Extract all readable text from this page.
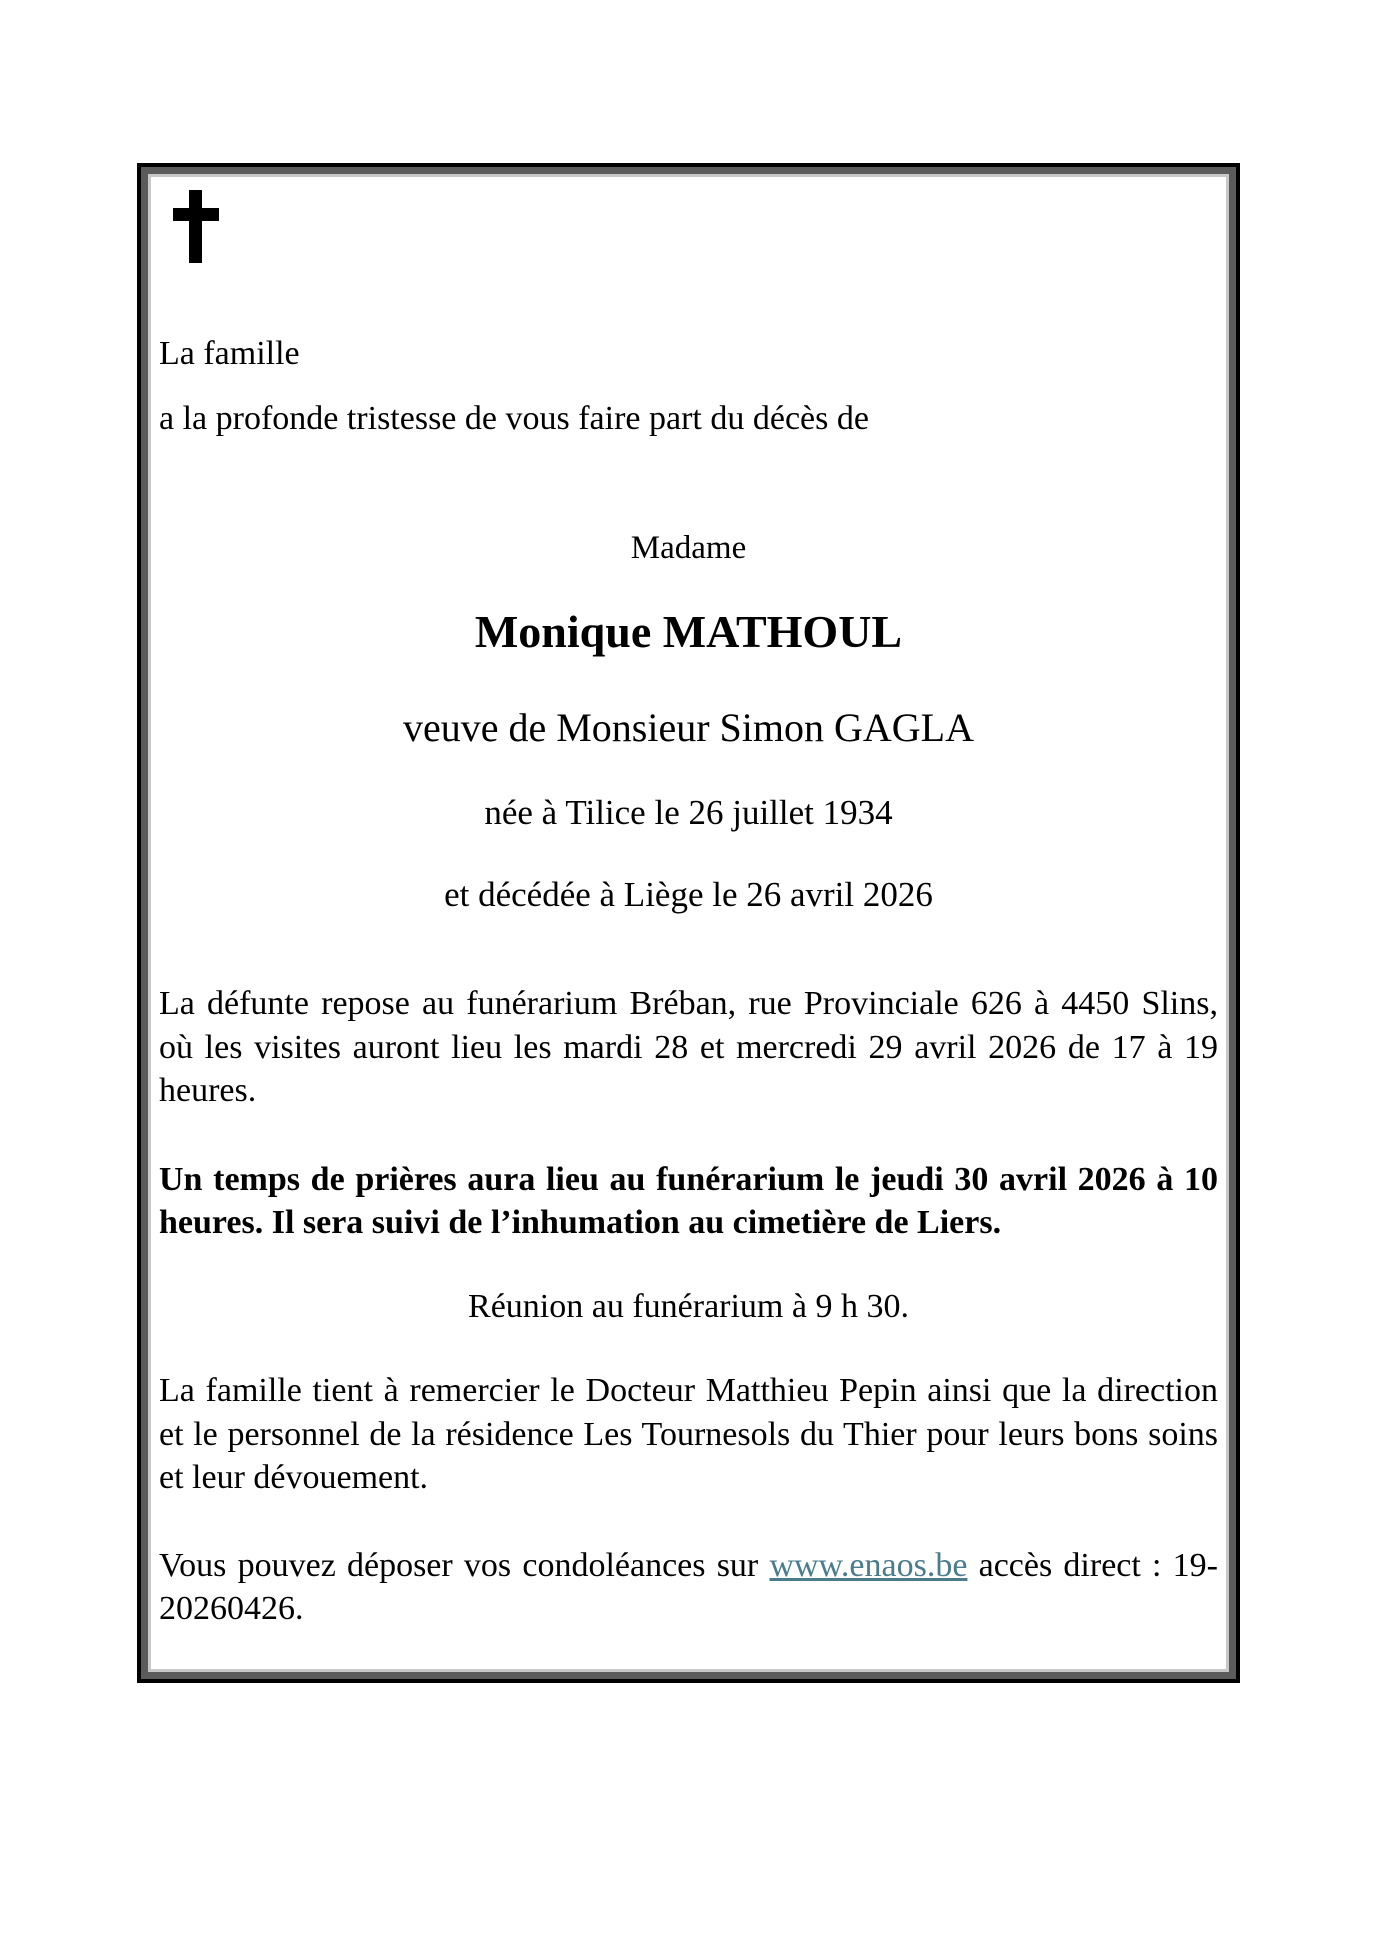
La famille

a la profonde tristesse de vous faire part du décès de

Madame

Monique MATHOUL

veuve de Monsieur Simon GAGLA

née à Tilice le 26 juillet 1934

et décédée à Liège le 26 avril 2026

La défunte repose au funérarium Bréban, rue Provinciale 626 à 4450 Slins, où les visites auront lieu les mardi 28 et mercredi 29 avril 2026 de 17 à 19 heures.

Un temps de prières aura lieu au funérarium le jeudi 30 avril 2026 à 10 heures. Il sera suivi de l’inhumation au cimetière de Liers.

Réunion au funérarium à 9 h 30.

La famille tient à remercier le Docteur Matthieu Pepin ainsi que la direction et le personnel de la résidence Les Tournesols du Thier pour leurs bons soins et leur dévouement.

Vous pouvez déposer vos condoléances sur www.enaos.be accès direct : 19-20260426.
